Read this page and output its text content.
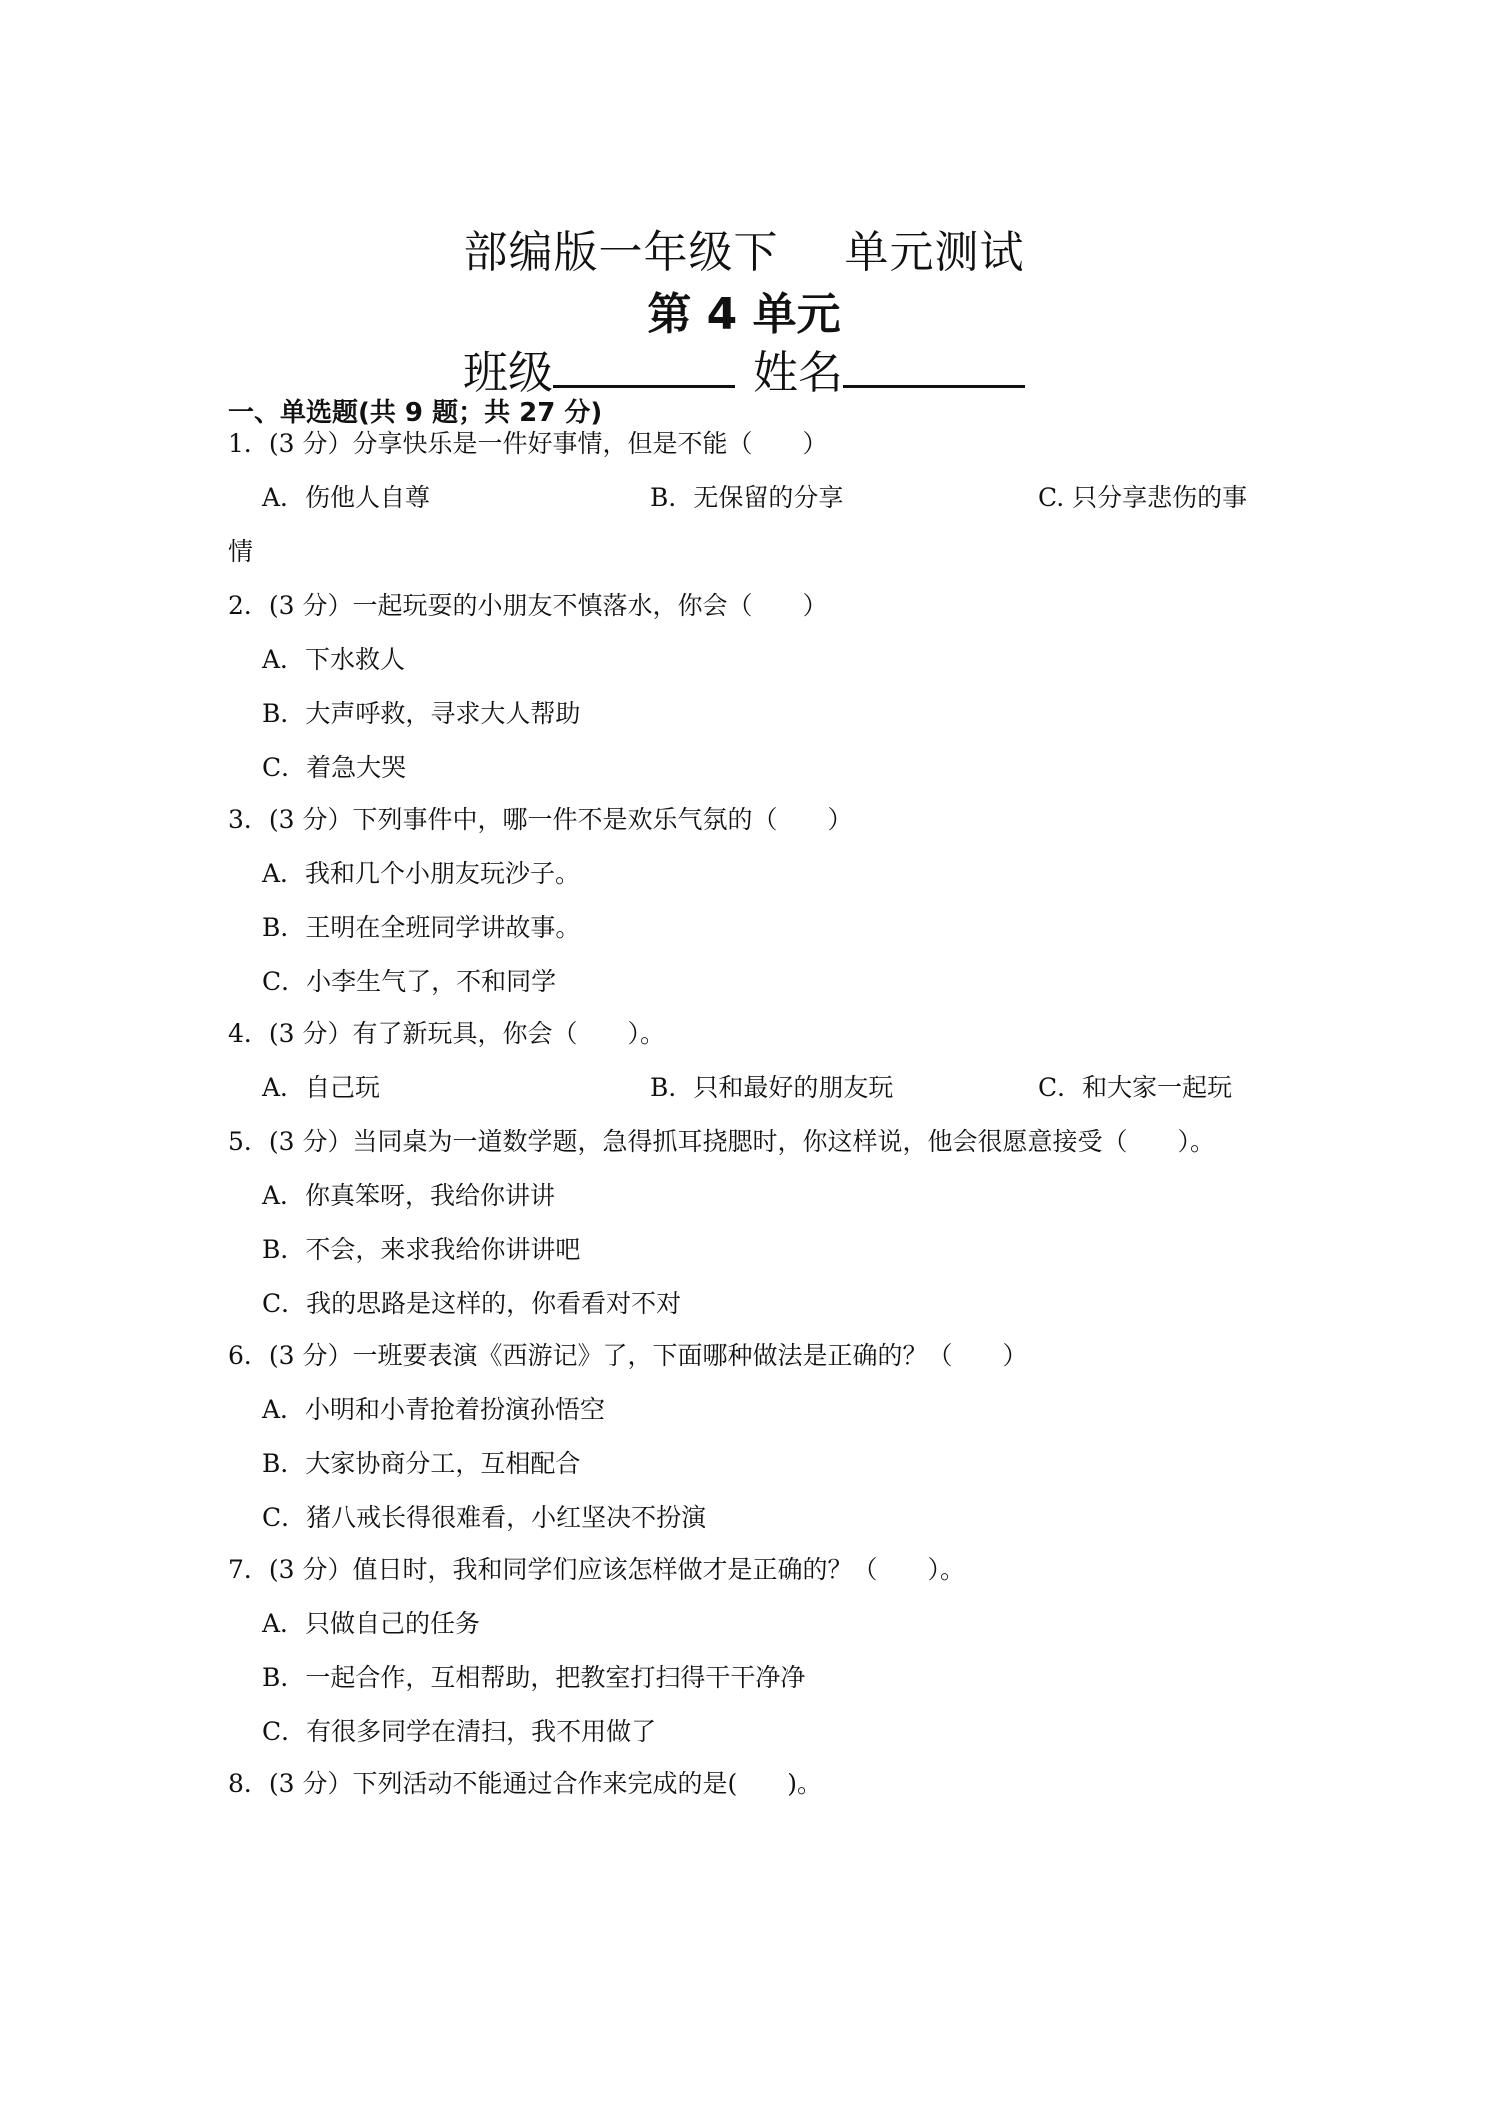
部编版一年级下 单元测试
第 4 单元
班级	姓名
一、单选题(共 9 题；共 27 分)
1．(3 分）分享快乐是一件好事情，但是不能（　　）
A．伤他人自尊	B．无保留的分享	C. 只分享悲伤的事
情
2．(3 分）一起玩耍的小朋友不慎落水，你会（　　）
A．下水救人
B．大声呼救，寻求大人帮助
C．着急大哭
3．(3 分）下列事件中，哪一件不是欢乐气氛的（　　）
A．我和几个小朋友玩沙子。
B．王明在全班同学讲故事。
C．小李生气了，不和同学
4．(3 分）有了新玩具，你会（　　）。
A．自己玩	B．只和最好的朋友玩	C．和大家一起玩
5．(3 分）当同桌为一道数学题，急得抓耳挠腮时，你这样说，他会很愿意接受（　　）。
A．你真笨呀，我给你讲讲
B．不会，来求我给你讲讲吧
C．我的思路是这样的，你看看对不对
6．(3 分）一班要表演《西游记》了，下面哪种做法是正确的？（　　）
A．小明和小青抢着扮演孙悟空
B．大家协商分工，互相配合
C．猪八戒长得很难看，小红坚决不扮演
7．(3 分）值日时，我和同学们应该怎样做才是正确的？（　　）。
A．只做自己的任务
B．一起合作，互相帮助，把教室打扫得干干净净
C．有很多同学在清扫，我不用做了
8．(3 分）下列活动不能通过合作来完成的是(　　)。
